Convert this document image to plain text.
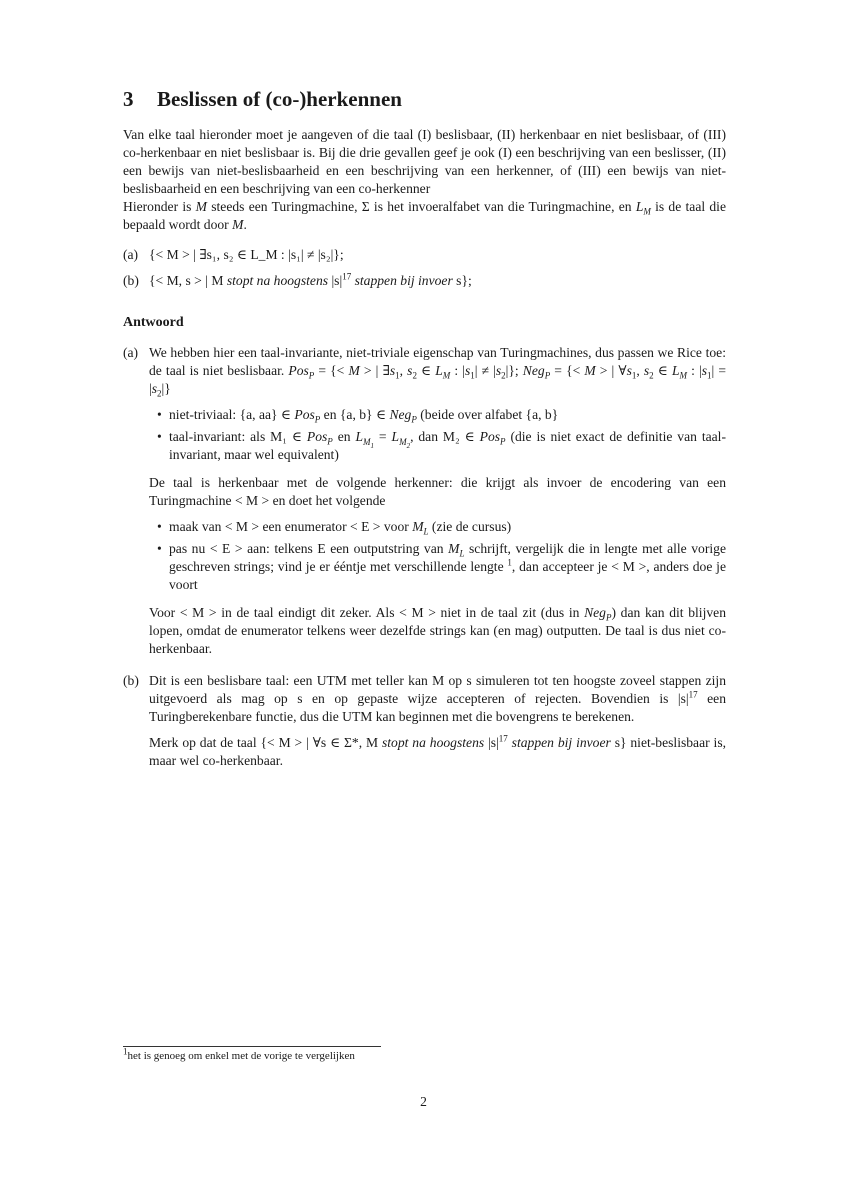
3 Beslissen of (co-)herkennen

Van elke taal hieronder moet je aangeven of die taal (I) beslisbaar, (II) herkenbaar en niet beslisbaar, of (III) co-herkenbaar en niet beslisbaar is. Bij die drie gevallen geef je ook (I) een beschrijving van een beslisser, (II) een bewijs van niet-beslisbaarheid en een beschrijving van een herkenner, of (III) een bewijs van niet-beslisbaarheid en een beschrijving van een co-herkenner
Hieronder is M steeds een Turingmachine, Σ is het invoeralfabet van die Turingmachine, en $L_M$ is de taal die bepaald wordt door M.

(a) {< M > | ∃s₁, s₂ ∈ L_M : |s₁| ≠ |s₂|};
(b) {< M, s > | M stopt na hoogstens $|s|^{17}$ stappen bij invoer s};
Antwoord
(a) We hebben hier een taal-invariante, niet-triviale eigenschap van Turingmachines, dus passen we Rice toe: de taal is niet beslisbaar. Pos$_P$ = {< M > | $\exists s_1$, $s_2$ ∈ $L_M$ : $|s_1| \ne |s_2|$}; Neg$_P$ = {< M > | $\forall s_1$, $s_2$ ∈ $L_M$ : $|s_1| = |s_2|$}

• niet-triviaal: {a, aa} ∈ Pos$_P$ en {a, b} ∈ Neg$_P$ (beide over alfabet {a, b}
• taal-invariant: als M₁ ∈ Pos$_P$ en $L_{M_1} = L_{M_2}$, dan M₂ ∈ Pos$_P$ (die is niet exact de definitie van taal-invariant, maar wel equivalent)

De taal is herkenbaar met de volgende herkenner: die krijgt als invoer de encodering van een Turingmachine < M > en doet het volgende

• maak van < M > een enumerator < E > voor $M_L$ (zie de cursus)
• pas nu < E > aan: telkens E een outputstring van $M_L$ schrijft, vergelijk die in lengte met alle vorige geschreven strings; vind je er ééntje met verschillende lengte $^1$, dan accepteer je < M >, anders doe je voort

Voor < M > in de taal eindigt dit zeker. Als < M > niet in de taal zit (dus in Neg$_P$) dan kan dit blijven lopen, omdat de enumerator telkens weer dezelfde strings kan (en mag) outputten. De taal is dus niet co-herkenbaar.

(b) Dit is een beslisbare taal: een UTM met teller kan M op s simuleren tot ten hoogste zoveel stappen zijn uitgevoerd als mag op s en op gepaste wijze accepteren of rejecten. Bovendien is $|s|^{17}$ een Turingberekenbare functie, dus die UTM kan beginnen met die bovengrens te berekenen.

Merk op dat de taal {< M > | ∀s ∈ Σ*, M stopt na hoogstens $|s|^{17}$ stappen bij invoer s} niet-beslisbaar is, maar wel co-herkenbaar.

$^1$het is genoeg om enkel met de vorige te vergelijken
2
